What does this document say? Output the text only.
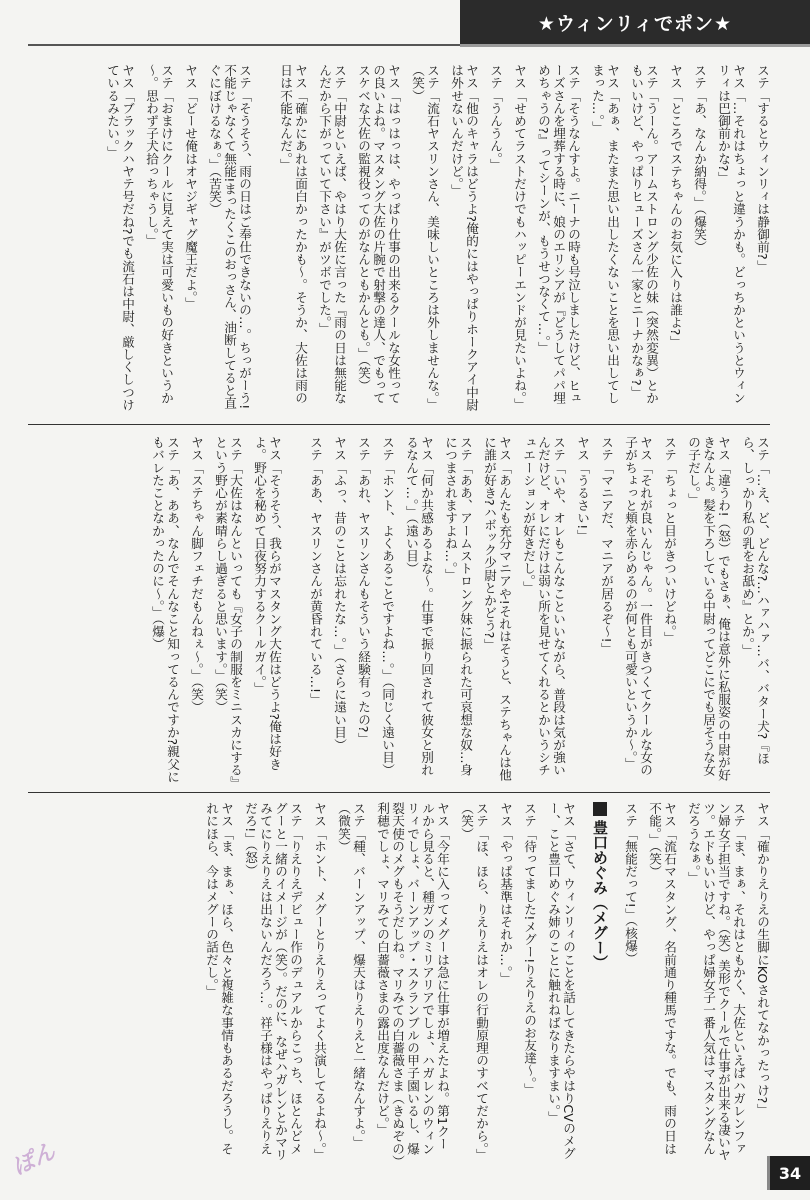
★ウィンリィでポン★
ステ「するとウィンリィは静御前?」
ヤス「…それはちょっと違うかも。どっちかというとウィンリィは巴御前かな?」
ステ「あ、なんか納得。」（爆笑）
ヤス「ところでステちゃんのお気に入りは誰よ?」
ステ「うーん。アームストロング少佐の妹（突然変異）とかもいいけど、やっぱりヒューズさん一家とニーナかなぁ?」
ヤス「あぁ、またまた思い出したくないことを思い出してしまった…。」
ステ「そうなんすよ。ニーナの時も号泣しましたけど、ヒューズさんを埋葬する時に、娘のエリシアが『どうしてパパ埋めちゃうの?』ってシーンが、もうせつなくて…。」
ヤス「せめてラストだけでもハッピーエンドが見たいよね。」
ステ「うんうん。」
ヤス「他のキャラはどうよ?俺的にはやっぱりホークアイ中尉は外せないんだけど。」
ステ「流石ヤスリンさん、美味しいところは外しませんな。」（笑）
ヤス「はっはっは、やっぱり仕事の出来るクールな女性っての良いよね。マスタング大佐の片腕で射撃の達人、でもってスケベな大佐の監視役ってのがなんともかんとも。」（笑）
ステ「中尉といえば、やはり大佐に言った『雨の日は無能なんだから下がっていて下さい』がツボでした。」
ヤス「確かにあれは面白かったかも～。そうか、大佐は雨の日は不能なんだ。」
ステ「そうそう、雨の日はご奉仕できないの…。ちっがーう!不能じゃなくて無能!まったくこのおっさん、油断してると直ぐにぼけるなぁ。」（苦笑）
ヤス「どーせ俺はオヤジギャグ魔王だよ。」
ステ「おまけにクールに見えて実は可愛いもの好きというか～。思わず子犬拾っちゃうし。」
ヤス「ブラックハヤテ号だね?でも流石は中尉、厳しくしつけているみたい。」
ステ「…え、ど、どんな?…ハァハァ…バ、バター犬?『ほら、しっかり私の乳をお舐め』とか。」
ヤス「違うわ!（怒）でもさぁ、俺は意外に私服姿の中尉が好きなんよ。髪を下ろしている中尉ってどこにでも居そうな女の子だし。」
ステ「ちょっと目がきついけどね。」
ヤス「それが良いんじゃん。一件目がきつくてクールな女の子がちょっと頬を赤らめるのが何とも可愛いというか～。」
ステ「マニアだ、マニアが居るぞ～!」
ヤス「うるさい!」
ステ「いや、オレもこんなこといいながら、普段は気が強いんだけど、オレにだけは弱い所を見せてくれるとかいうシチュエーションが好きだし。」
ヤス「あんたも充分マニアや!それはそうと、ステちゃんは他に誰が好き?ハボック少尉とかどう?」
ステ「ああ、アームストロング妹に振られた可哀想な奴…身につまされますよね…。」
ヤス「何か共感あるよな～。仕事で振り回されて彼女と別れるなんて…。」（遠い目）
ステ「ホント、よくあることですよね…。」（同じく遠い目）
ステ「あれ、ヤスリンさんもそういう経験有ったの?」
ヤス「ふっ、昔のことは忘れたな…。」（さらに遠い目）
ステ「ああ、ヤスリンさんが黄昏れている…!」
ヤス「そうそう、我らがマスタング大佐はどうよ?俺は好きよ。野心を秘めて日夜努力するクールガイ。」
ステ「大佐はなんといっても『女子の制服をミニスカにする』という野心が素晴らし過ぎると思います。」（笑）
ヤス「ステちゃん脚フェチだもんねぇ～。」（笑）
ステ「あ、ああ、なんでそんなこと知ってるんですか?親父にもバレたことなかったのに～。」（爆）
ヤス「確かりえりえの生脚にKOされてなかったっけ?」
ステ「ま、まぁ、それはともかく、大佐といえばハガレンファン婦女子担当ですね。（笑）美形でクールで仕事が出来る凄いヤツ。エドもいいけど、やっぱ婦女子一番人気はマスタングなんだろうなぁ。」
ヤス「流石マスタング、名前通り種馬ですな。でも、雨の日は不能。」（笑）
ステ「無能だって!」（核爆）
豊口めぐみ（メグー）
ヤス「さて、ウィンリィのことを話してきたらやはりCVのメグー、こと豊口めぐみ姉のことに触れねばなりますまい。」
ステ「待ってました!メグー!りえりえのお友達～。」
ヤス「やっぱ基準はそれか…。」
ステ「ほ、ほら、りえりえはオレの行動原理のすべてだから。」（笑）
ヤス「今年に入ってメグーは急に仕事が増えたよね。第1クールから見ると、種ガンのミリアリアでしょ、ハガレンのウィンリィでしょ、バーンアップ・スクランブルの甲子園いるし、爆裂天使のメグもそうだしね。マリみての白薔薇さま（きぬぞの）利穂でしょ、マリみての白薔薇さまの露出度なんだけど。」
ステ「種、バーンアップ、爆天はりえりえと一緒なんすよ。」（微笑）
ヤス「ホント、メグーとりえりえってよく共演してるよね～。」
ステ「りえりえデビュー作のデュアルからこっち、ほとんどメグーと一緒のイメージが（笑）。だのに、なぜハガレンとかマリみてにりえりえは出ないんだろう…。祥子様はやっぱりえりえだろ!」（怒）
ヤス「ま、まぁ、ほら、色々と複雑な事情もあるだろうし。それにほら、今はメグーの話だし。」
ぽん	34
